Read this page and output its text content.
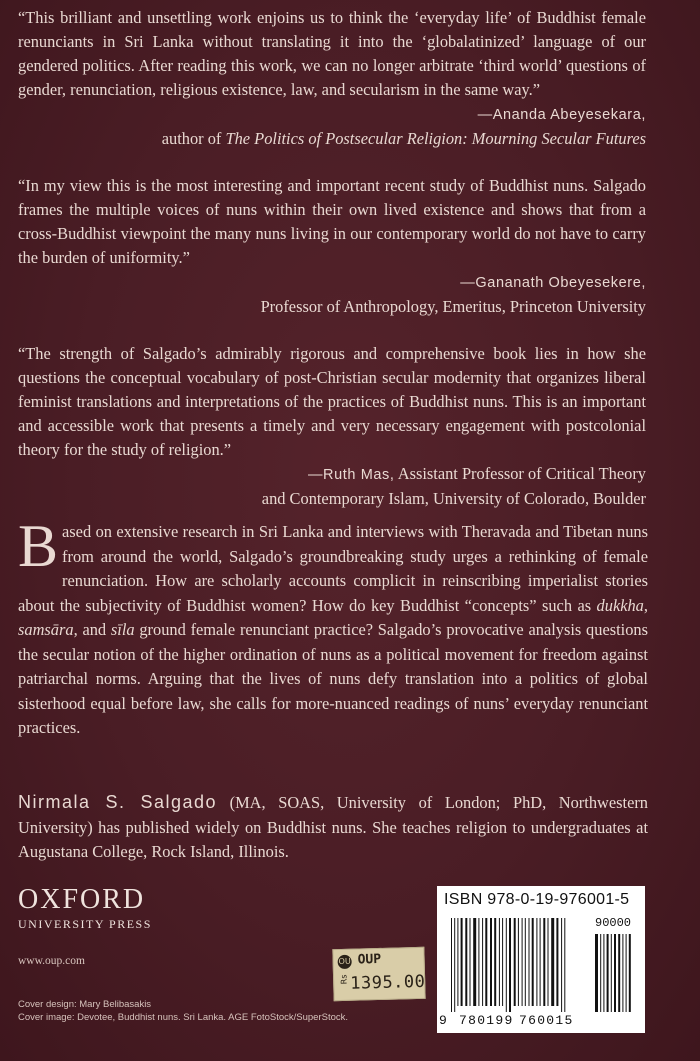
“This brilliant and unsettling work enjoins us to think the ‘everyday life’ of Buddhist female renunciants in Sri Lanka without translating it into the ‘globalatinized’ language of our gendered politics. After reading this work, we can no longer arbitrate ‘third world’ questions of gender, renunciation, religious existence, law, and secularism in the same way.”

—Ananda Abeyesekara,
author of The Politics of Postsecular Religion: Mourning Secular Futures

“In my view this is the most interesting and important recent study of Buddhist nuns. Salgado frames the multiple voices of nuns within their own lived existence and shows that from a cross-Buddhist viewpoint the many nuns living in our contemporary world do not have to carry the burden of uniformity.”

—Gananath Obeyesekere,
Professor of Anthropology, Emeritus, Princeton University

“The strength of Salgado’s admirably rigorous and comprehensive book lies in how she questions the conceptual vocabulary of post-Christian secular modernity that organizes liberal feminist translations and interpretations of the practices of Buddhist nuns. This is an important and accessible work that presents a timely and very necessary engagement with postcolonial theory for the study of religion.”

—Ruth Mas, Assistant Professor of Critical Theory
and Contemporary Islam, University of Colorado, Boulder
Based on extensive research in Sri Lanka and interviews with Theravada and Tibetan nuns from around the world, Salgado’s groundbreaking study urges a rethinking of female renunciation. How are scholarly accounts complicit in reinscribing imperialist stories about the subjectivity of Buddhist women? How do key Buddhist “concepts” such as dukkha, samsāra, and sīla ground female renunciant practice? Salgado’s provocative analysis questions the secular notion of the higher ordination of nuns as a political movement for freedom against patriarchal norms. Arguing that the lives of nuns defy translation into a politics of global sisterhood equal before law, she calls for more-nuanced readings of nuns’ everyday renunciant practices.
Nirmala S. Salgado (MA, SOAS, University of London; PhD, Northwestern University) has published widely on Buddhist nuns. She teaches religion to undergraduates at Augustana College, Rock Island, Illinois.
OXFORD
UNIVERSITY PRESS
www.oup.com	OU OUP
Rs 1395.00
Cover design: Mary Belibasakis
Cover image: Devotee, Buddhist nuns. Sri Lanka. AGE FotoStock/SuperStock.
ISBN 978-0-19-976001-5
90000
9 780199 760015
